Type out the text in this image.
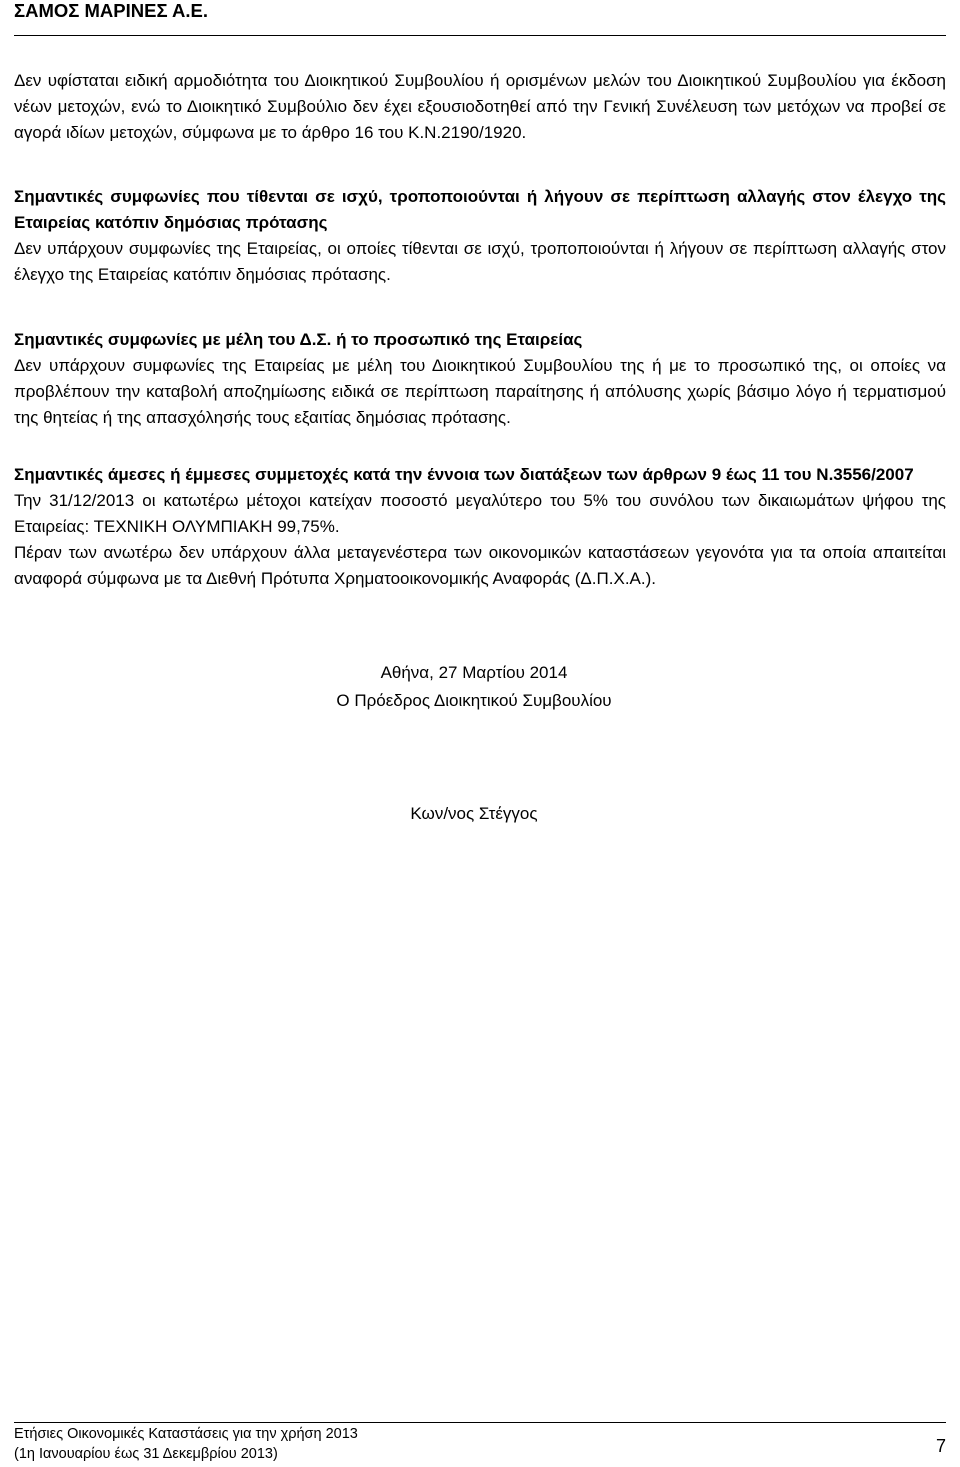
ΣΑΜΟΣ ΜΑΡΙΝΕΣ Α.Ε.

Δεν υφίσταται ειδική αρμοδιότητα του Διοικητικού Συμβουλίου ή ορισμένων μελών του Διοικητικού Συμβουλίου για έκδοση νέων μετοχών, ενώ το Διοικητικό Συμβούλιο δεν έχει εξουσιοδοτηθεί από την Γενική Συνέλευση των μετόχων να προβεί σε αγορά ιδίων μετοχών, σύμφωνα με το άρθρο 16 του Κ.Ν.2190/1920.

Σημαντικές συμφωνίες που τίθενται σε ισχύ, τροποποιούνται ή λήγουν σε περίπτωση αλλαγής στον έλεγχο της Εταιρείας κατόπιν δημόσιας πρότασης

Δεν υπάρχουν συμφωνίες της Εταιρείας, οι οποίες τίθενται σε ισχύ, τροποποιούνται ή λήγουν σε περίπτωση αλλαγής στον έλεγχο της Εταιρείας κατόπιν δημόσιας πρότασης.

Σημαντικές συμφωνίες με μέλη του Δ.Σ. ή το προσωπικό της Εταιρείας

Δεν υπάρχουν συμφωνίες της Εταιρείας με μέλη του Διοικητικού Συμβουλίου της ή με το προσωπικό της, οι οποίες να προβλέπουν την καταβολή αποζημίωσης ειδικά σε περίπτωση παραίτησης ή απόλυσης χωρίς βάσιμο λόγο ή τερματισμού της θητείας ή της απασχόλησής τους εξαιτίας δημόσιας πρότασης.

Σημαντικές άμεσες ή έμμεσες συμμετοχές κατά την έννοια των διατάξεων των άρθρων 9 έως 11 του Ν.3556/2007

Την 31/12/2013 οι κατωτέρω μέτοχοι κατείχαν ποσοστό μεγαλύτερο του 5% του συνόλου των δικαιωμάτων ψήφου της Εταιρείας: ΤΕΧΝΙΚΗ ΟΛΥΜΠΙΑΚΗ 99,75%.

Πέραν των ανωτέρω δεν υπάρχουν άλλα μεταγενέστερα των οικονομικών καταστάσεων γεγονότα για τα οποία απαιτείται αναφορά σύμφωνα με τα Διεθνή Πρότυπα Χρηματοοικονομικής Αναφοράς (Δ.Π.Χ.Α.).

Αθήνα, 27 Μαρτίου 2014
Ο Πρόεδρος Διοικητικού Συμβουλίου
Κων/νος Στέγγος
Ετήσιες Οικονομικές Καταστάσεις για την χρήση 2013
(1η Ιανουαρίου έως 31 Δεκεμβρίου 2013)	7
